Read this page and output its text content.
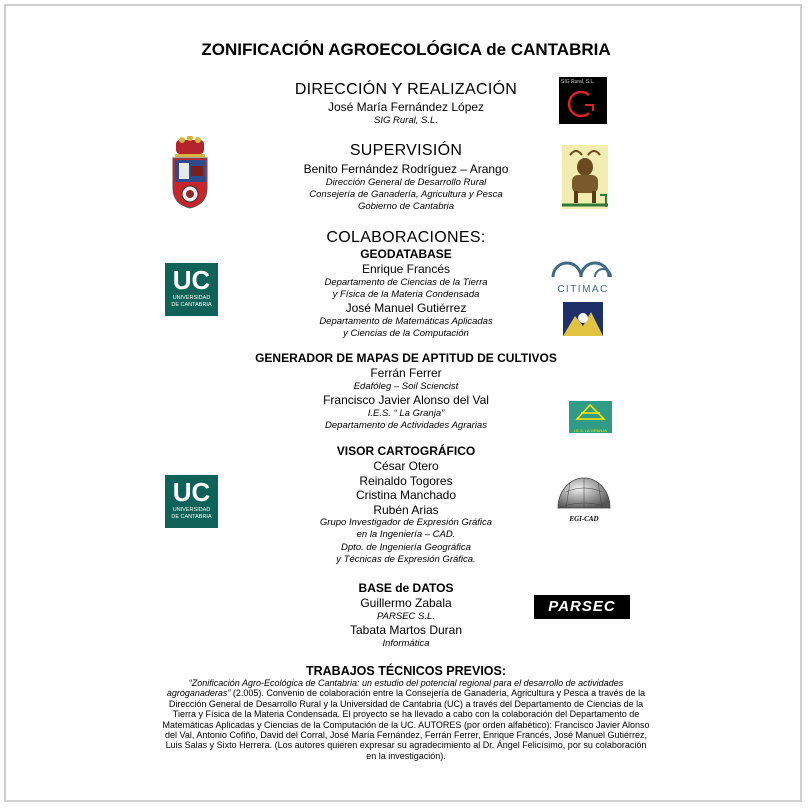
ZONIFICACIÓN AGROECOLÓGICA de CANTABRIA
DIRECCIÓN Y REALIZACIÓN
José María Fernández López
SIG Rural, S.L.
SIG Rural, S.L.
SUPERVISIÓN
Benito Fernández Rodríguez – Arango
Dirección General de Desarrollo Rural
Consejería de Ganadería, Agricultura y Pesca
Gobierno de Cantabria
COLABORACIONES:
GEODATABASE
Enrique Francés
Departamento de Ciencias de la Tierra
y Física de la Materia Condensada
José Manuel Gutiérrez
Departamento de Matemáticas Aplicadas
y Ciencias de la Computación
UC
UNIVERSIDAD
DE CANTABRIA
CITIMAC
GENERADOR DE MAPAS DE APTITUD DE CULTIVOS
Ferrán Ferrer
Edafóleg – Soil Sciencist
Francisco Javier Alonso del Val
I.E.S. “ La Granja”
Departamento de Actividades Agrarias	I.E.S. LA GRANJA
VISOR CARTOGRÁFICO
César Otero
Reinaldo Togores
Cristina Manchado
Rubén Arias
Grupo Investigador de Expresión Gráfica
en la Ingeniería – CAD.
Dpto. de Ingeniería Geográfica
y Técnicas de Expresión Gráfica.
UC
UNIVERSIDAD
DE CANTABRIA	EGI-CAD
BASE de DATOS
Guillermo Zabala
PARSEC S.L.
Tabata Martos Duran
Informática
PARSEC
TRABAJOS TÉCNICOS PREVIOS:
“Zonificación Agro-Ecológica de Cantabria: un estudio del potencial regional para el desarrollo de actividades agroganaderas” (2.005). Convenio de colaboración entre la Consejería de Ganadería, Agricultura y Pesca a través de la Dirección General de Desarrollo Rural y la Universidad de Cantabria (UC) a través del Departamento de Ciencias de la Tierra y Física de la Materia Condensada. El proyecto se ha llevado a cabo con la colaboración del Departamento de Matemáticas Aplicadas y Ciencias de la Computación de la UC. AUTORES (por orden alfabético): Francisco Javier Alonso del Val, Antonio Cofiño, David del Corral, José María Fernández, Ferrán Ferrer, Enrique Francés, José Manuel Gutiérrez, Luis Salas y Sixto Herrera. (Los autores quieren expresar su agradecimiento al Dr. Ángel Felicísimo, por su colaboración en la investigación).
